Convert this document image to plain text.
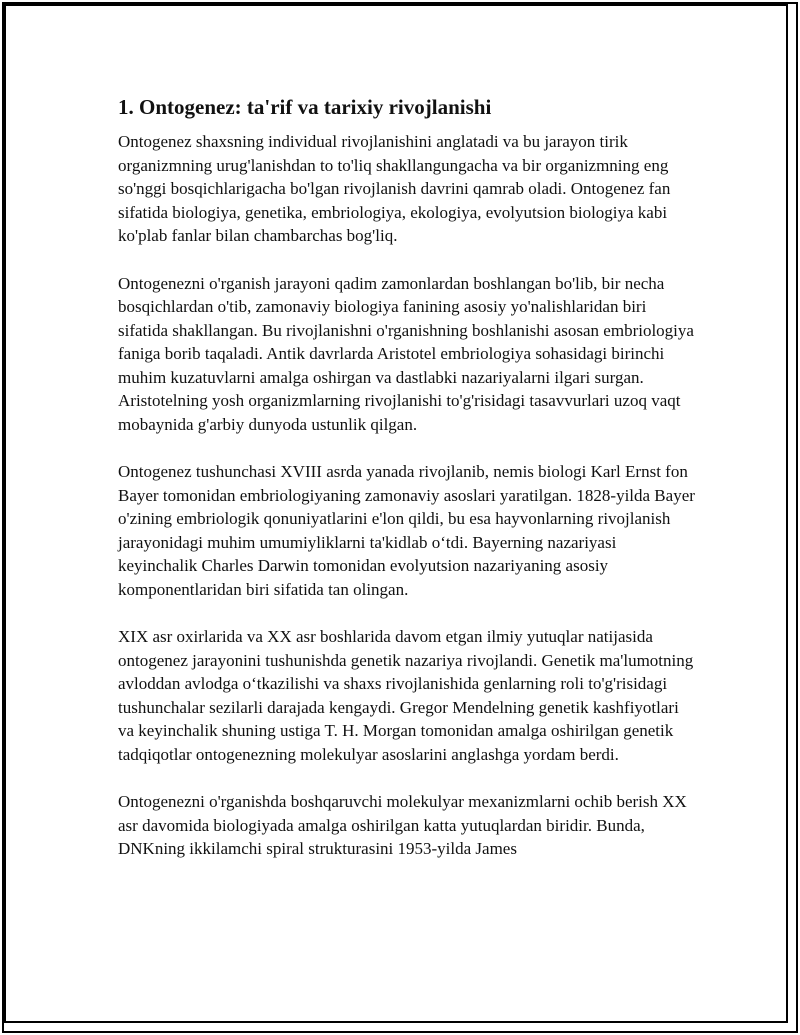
1. Ontogenez: ta'rif va tarixiy rivojlanishi

Ontogenez shaxsning individual rivojlanishini anglatadi va bu jarayon tirik organizmning urug'lanishdan to to'liq shakllangungacha va bir organizmning eng so'nggi bosqichlarigacha bo'lgan rivojlanish davrini qamrab oladi. Ontogenez fan sifatida biologiya, genetika, embriologiya, ekologiya, evolyutsion biologiya kabi ko'plab fanlar bilan chambarchas bog'liq.

Ontogenezni o'rganish jarayoni qadim zamonlardan boshlangan bo'lib, bir necha bosqichlardan o'tib, zamonaviy biologiya fanining asosiy yo'nalishlaridan biri sifatida shakllangan. Bu rivojlanishni o'rganishning boshlanishi asosan embriologiya faniga borib taqaladi. Antik davrlarda Aristotel embriologiya sohasidagi birinchi muhim kuzatuvlarni amalga oshirgan va dastlabki nazariyalarni ilgari surgan. Aristotelning yosh organizmlarning rivojlanishi to'g'risidagi tasavvurlari uzoq vaqt mobaynida g'arbiy dunyoda ustunlik qilgan.

Ontogenez tushunchasi XVIII asrda yanada rivojlanib, nemis biologi Karl Ernst fon Bayer tomonidan embriologiyaning zamonaviy asoslari yaratilgan. 1828-yilda Bayer o'zining embriologik qonuniyatlarini e'lon qildi, bu esa hayvonlarning rivojlanish jarayonidagi muhim umumiyliklarni ta'kidlab o‘tdi. Bayerning nazariyasi keyinchalik Charles Darwin tomonidan evolyutsion nazariyaning asosiy komponentlaridan biri sifatida tan olingan.

XIX asr oxirlarida va XX asr boshlarida davom etgan ilmiy yutuqlar natijasida ontogenez jarayonini tushunishda genetik nazariya rivojlandi. Genetik ma'lumotning avloddan avlodga o‘tkazilishi va shaxs rivojlanishida genlarning roli to'g'risidagi tushunchalar sezilarli darajada kengaydi. Gregor Mendelning genetik kashfiyotlari va keyinchalik shuning ustiga T. H. Morgan tomonidan amalga oshirilgan genetik tadqiqotlar ontogenezning molekulyar asoslarini anglashga yordam berdi.

Ontogenezni o'rganishda boshqaruvchi molekulyar mexanizmlarni ochib berish XX asr davomida biologiyada amalga oshirilgan katta yutuqlardan biridir. Bunda, DNKning ikkilamchi spiral strukturasini 1953-yilda James
